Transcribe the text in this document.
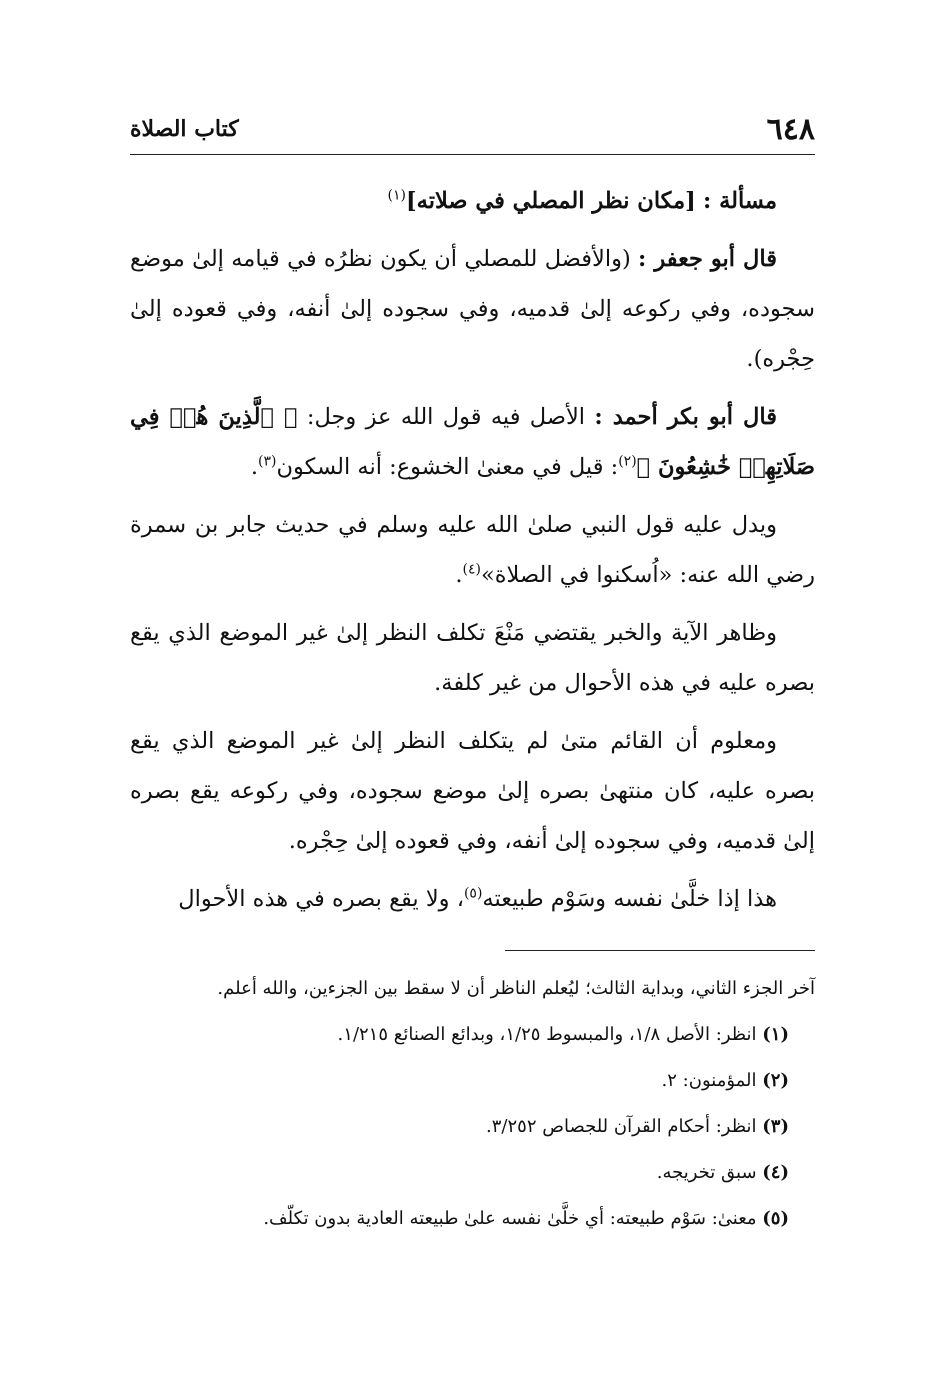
٦٤٨
كتاب الصلاة

مسألة : [مكان نظر المصلي في صلاته]$^{(١)}$

قال أبو جعفر : (والأفضل للمصلي أن يكون نظرُه في قيامه إلىٰ موضع سجوده، وفي ركوعه إلىٰ قدميه، وفي سجوده إلىٰ أنفه، وفي قعوده إلىٰ حِجْره).

قال أبو بكر أحمد : الأصل فيه قول الله عز وجل: ﴿ ٱلَّذِينَ هُمۡ فِي صَلَاتِهِمۡ خَٰشِعُونَ ﴾$^{(٢)}$: قيل في معنىٰ الخشوع: أنه السكون$^{(٣)}$.

ويدل عليه قول النبي صلىٰ الله عليه وسلم في حديث جابر بن سمرة رضي الله عنه: «اُسكنوا في الصلاة»$^{(٤)}$.

وظاهر الآية والخبر يقتضي مَنْعَ تكلف النظر إلىٰ غير الموضع الذي يقع بصره عليه في هذه الأحوال من غير كلفة.

ومعلوم أن القائم متىٰ لم يتكلف النظر إلىٰ غير الموضع الذي يقع بصره عليه، كان منتهىٰ بصره إلىٰ موضع سجوده، وفي ركوعه يقع بصره إلىٰ قدميه، وفي سجوده إلىٰ أنفه، وفي قعوده إلىٰ حِجْره.

هذا إذا خلَّىٰ نفسه وسَوْم طبيعته$^{(٥)}$، ولا يقع بصره في هذه الأحوال

آخر الجزء الثاني، وبداية الثالث؛ ليُعلم الناظر أن لا سقط بين الجزءين، والله أعلم.

(١) انظر: الأصل ١/٨، والمبسوط ١/٢٥، وبدائع الصنائع ١/٢١٥.

(٢) المؤمنون: ٢.

(٣) انظر: أحكام القرآن للجصاص ٣/٢٥٢.

(٤) سبق تخريجه.

(٥) معنىٰ: سَوْم طبيعته: أي خلَّىٰ نفسه علىٰ طبيعته العادية بدون تكلّف.
